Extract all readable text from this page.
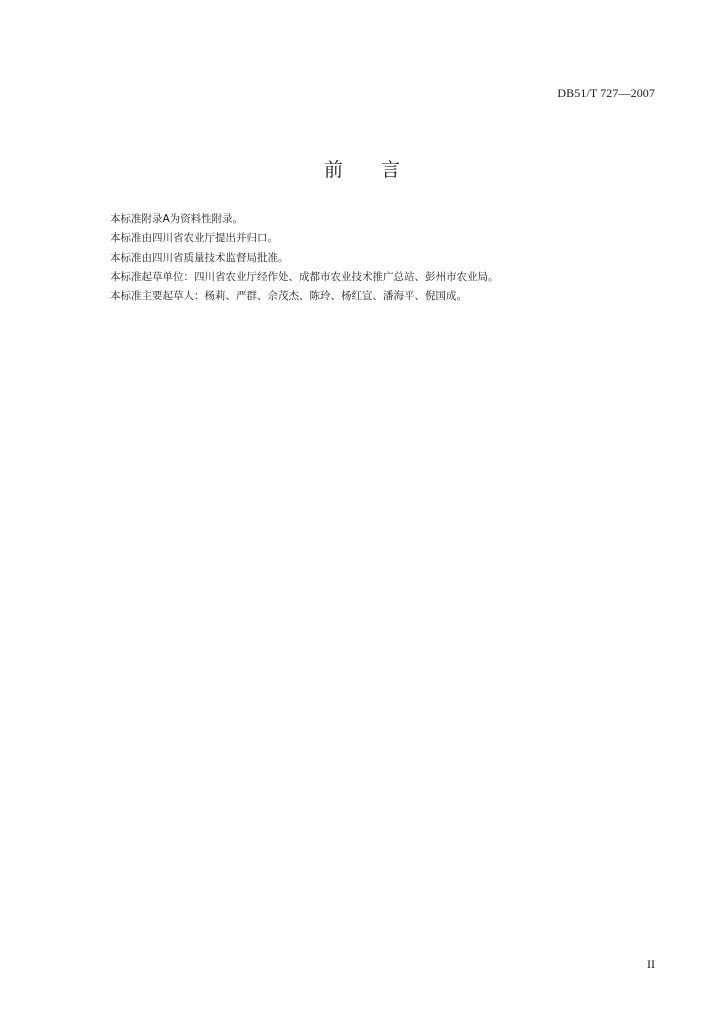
DB51/T 727—2007
前 言
本标准附录A为资料性附录。
本标准由四川省农业厅提出并归口。
本标准由四川省质量技术监督局批准。
本标准起草单位：四川省农业厅经作处、成都市农业技术推广总站、彭州市农业局。
本标准主要起草人：杨莉、严群、佘茂杰、陈玲、杨红宣、潘海平、倪国成。
II
